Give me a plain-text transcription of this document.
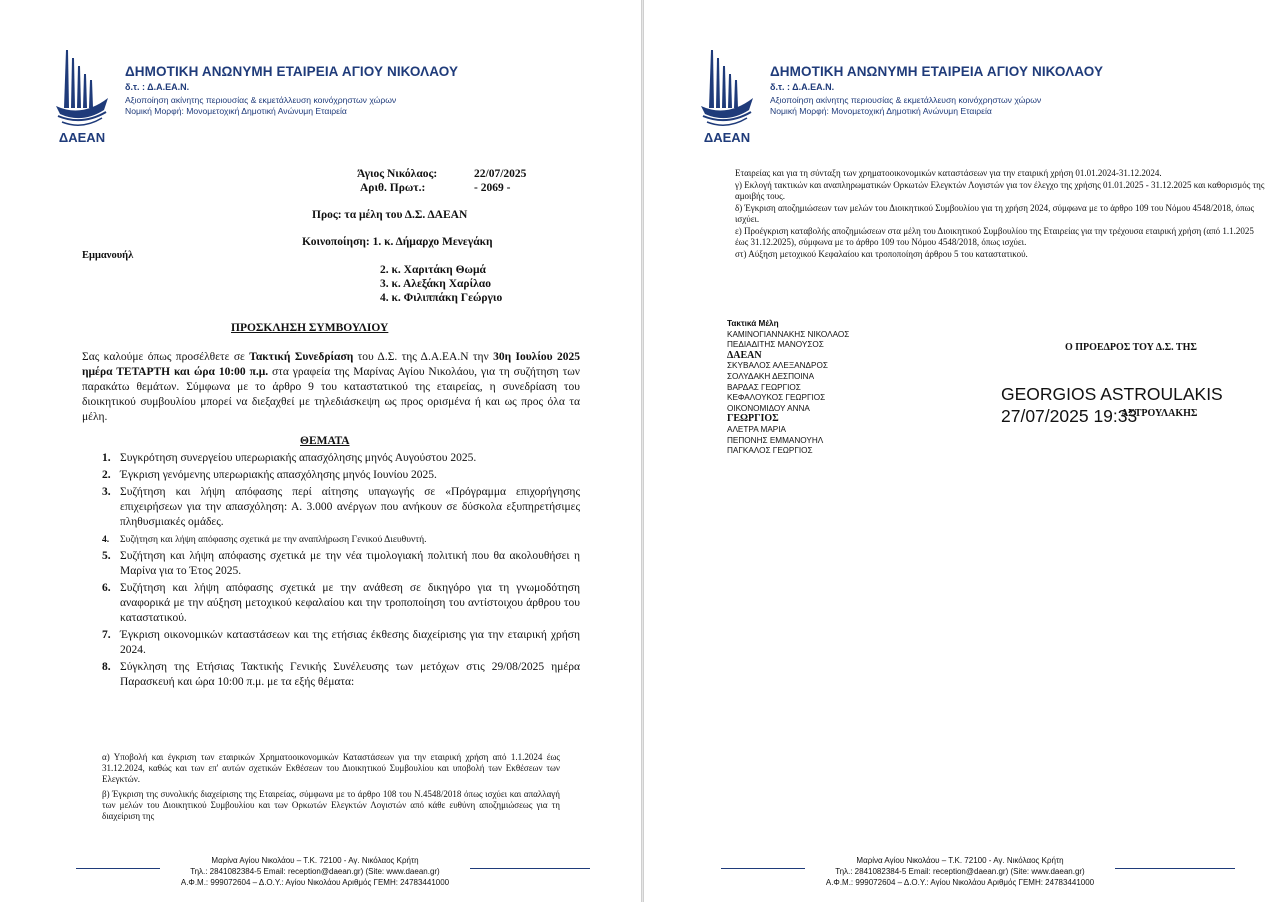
ΔΑΕΑΝ
ΔΗΜΟΤΙΚΗ ΑΝΩΝΥΜΗ ΕΤΑΙΡΕΙΑ ΑΓΙΟΥ ΝΙΚΟΛΑΟΥ
δ.τ. : Δ.Α.ΕΑ.Ν.
Αξιοποίηση ακίνητης περιουσίας & εκμετάλλευση κοινόχρηστων χώρων
Νομική Μορφή: Μονομετοχική Δημοτική Ανώνυμη Εταιρεία
Άγιος Νικόλαος:	22/07/2025
Αριθ. Πρωτ.:	- 2069 -
Προς: τα μέλη του Δ.Σ. ΔΑΕΑΝ
Κοινοποίηση: 1. κ. Δήμαρχο Μενεγάκη
Εμμανουήλ
2. κ. Χαριτάκη Θωμά
3. κ. Αλεξάκη Χαρίλαο
4. κ. Φιλιππάκη Γεώργιο
ΠΡΟΣΚΛΗΣΗ ΣΥΜΒΟΥΛΙΟΥ
Σας καλούμε όπως προσέλθετε σε Τακτική Συνεδρίαση του Δ.Σ. της Δ.Α.ΕΑ.Ν την 30η Ιουλίου 2025 ημέρα ΤΕΤΑΡΤΗ και ώρα 10:00 π.μ. στα γραφεία της Μαρίνας Αγίου Νικολάου, για τη συζήτηση των παρακάτω θεμάτων. Σύμφωνα με το άρθρο 9 του καταστατικού της εταιρείας, η συνεδρίαση του διοικητικού συμβουλίου μπορεί να διεξαχθεί με τηλεδιάσκεψη ως προς ορισμένα ή και ως προς όλα τα μέλη.
ΘΕΜΑΤΑ
1. Συγκρότηση συνεργείου υπερωριακής απασχόλησης μηνός Αυγούστου 2025.
2. Έγκριση γενόμενης υπερωριακής απασχόλησης μηνός Ιουνίου 2025.
3. Συζήτηση και λήψη απόφασης περί αίτησης υπαγωγής σε «Πρόγραμμα επιχορήγησης επιχειρήσεων για την απασχόληση: Α. 3.000 ανέργων που ανήκουν σε δύσκολα εξυπηρετήσιμες πληθυσμιακές ομάδες.
4. Συζήτηση και λήψη απόφασης σχετικά με την αναπλήρωση Γενικού Διευθυντή.
5. Συζήτηση και λήψη απόφασης σχετικά με την νέα τιμολογιακή πολιτική που θα ακολουθήσει η Μαρίνα για το Έτος 2025.
6. Συζήτηση και λήψη απόφασης σχετικά με την ανάθεση σε δικηγόρο για τη γνωμοδότηση αναφορικά με την αύξηση μετοχικού κεφαλαίου και την τροποποίηση του αντίστοιχου άρθρου του καταστατικού.
7. Έγκριση οικονομικών καταστάσεων και της ετήσιας έκθεσης διαχείρισης για την εταιρική χρήση 2024.
8. Σύγκληση της Ετήσιας Τακτικής Γενικής Συνέλευσης των μετόχων στις 29/08/2025 ημέρα Παρασκευή και ώρα 10:00 π.μ. με τα εξής θέματα:
α) Υποβολή και έγκριση των εταιρικών Χρηματοοικονομικών Καταστάσεων για την εταιρική χρήση από 1.1.2024 έως 31.12.2024, καθώς και των επ' αυτών σχετικών Εκθέσεων του Διοικητικού Συμβουλίου και υποβολή των Εκθέσεων των Ελεγκτών.
β) Έγκριση της συνολικής διαχείρισης της Εταιρείας, σύμφωνα με το άρθρο 108 του Ν.4548/2018 όπως ισχύει και απαλλαγή των μελών του Διοικητικού Συμβουλίου και των Ορκωτών Ελεγκτών Λογιστών από κάθε ευθύνη αποζημιώσεως για τη διαχείριση της
Μαρίνα Αγίου Νικολάου – Τ.Κ. 72100 - Αγ. Νικόλαος Κρήτη
Τηλ.: 2841082384-5 Email: reception@daean.gr) (Site: www.daean.gr)
Α.Φ.Μ.: 999072604 – Δ.Ο.Υ.: Αγίου Νικολάου Αριθμός ΓΕΜΗ: 24783441000
ΔΑΕΑΝ
ΔΗΜΟΤΙΚΗ ΑΝΩΝΥΜΗ ΕΤΑΙΡΕΙΑ ΑΓΙΟΥ ΝΙΚΟΛΑΟΥ
δ.τ. : Δ.Α.ΕΑ.Ν.
Αξιοποίηση ακίνητης περιουσίας & εκμετάλλευση κοινόχρηστων χώρων
Νομική Μορφή: Μονομετοχική Δημοτική Ανώνυμη Εταιρεία
Εταιρείας και για τη σύνταξη των χρηματοοικονομικών καταστάσεων για την εταιρική χρήση 01.01.2024-31.12.2024.
γ) Εκλογή τακτικών και αναπληρωματικών Ορκωτών Ελεγκτών Λογιστών για τον έλεγχο της χρήσης 01.01.2025 - 31.12.2025 και καθορισμός της αμοιβής τους.
δ) Έγκριση αποζημιώσεων των μελών του Διοικητικού Συμβουλίου για τη χρήση 2024, σύμφωνα με το άρθρο 109 του Νόμου 4548/2018, όπως ισχύει.
ε) Προέγκριση καταβολής αποζημιώσεων στα μέλη του Διοικητικού Συμβουλίου της Εταιρείας για την τρέχουσα εταιρική χρήση (από 1.1.2025 έως 31.12.2025), σύμφωνα με το άρθρο 109 του Νόμου 4548/2018, όπως ισχύει.
στ) Αύξηση μετοχικού Κεφαλαίου και τροποποίηση άρθρου 5 του καταστατικού.
Τακτικά Μέλη
ΚΑΜΙΝΟΓΙΑΝΝΑΚΗΣ ΝΙΚΟΛΑΟΣ
ΠΕΔΙΑΔΙΤΗΣ ΜΑΝΟΥΣΟΣ
ΔΑΕΑΝ
ΣΚΥΒΑΛΟΣ ΑΛΕΞΑΝΔΡΟΣ
ΣΟΛΥΔΑΚΗ ΔΕΣΠΟΙΝΑ
ΒΑΡΔΑΣ ΓΕΩΡΓΙΟΣ
ΚΕΦΑΛΟΥΚΟΣ ΓΕΩΡΓΙΟΣ
ΟΙΚΟΝΟΜΙΔΟΥ ΑΝΝΑ
ΓΕΩΡΓΙΟΣ
ΑΛΕΤΡΑ ΜΑΡΙΑ
ΠΕΠΟΝΗΣ ΕΜΜΑΝΟΥΗΛ
ΠΑΓΚΑΛΟΣ ΓΕΩΡΓΙΟΣ
Ο ΠΡΟΕΔΡΟΣ ΤΟΥ Δ.Σ. ΤΗΣ
ΑΣΤΡΟΥΛΑΚΗΣ
GEORGIOS ASTROULAKIS
27/07/2025 19:33
Μαρίνα Αγίου Νικολάου – Τ.Κ. 72100 - Αγ. Νικόλαος Κρήτη
Τηλ.: 2841082384-5 Email: reception@daean.gr) (Site: www.daean.gr)
Α.Φ.Μ.: 999072604 – Δ.Ο.Υ.: Αγίου Νικολάου Αριθμός ΓΕΜΗ: 24783441000
